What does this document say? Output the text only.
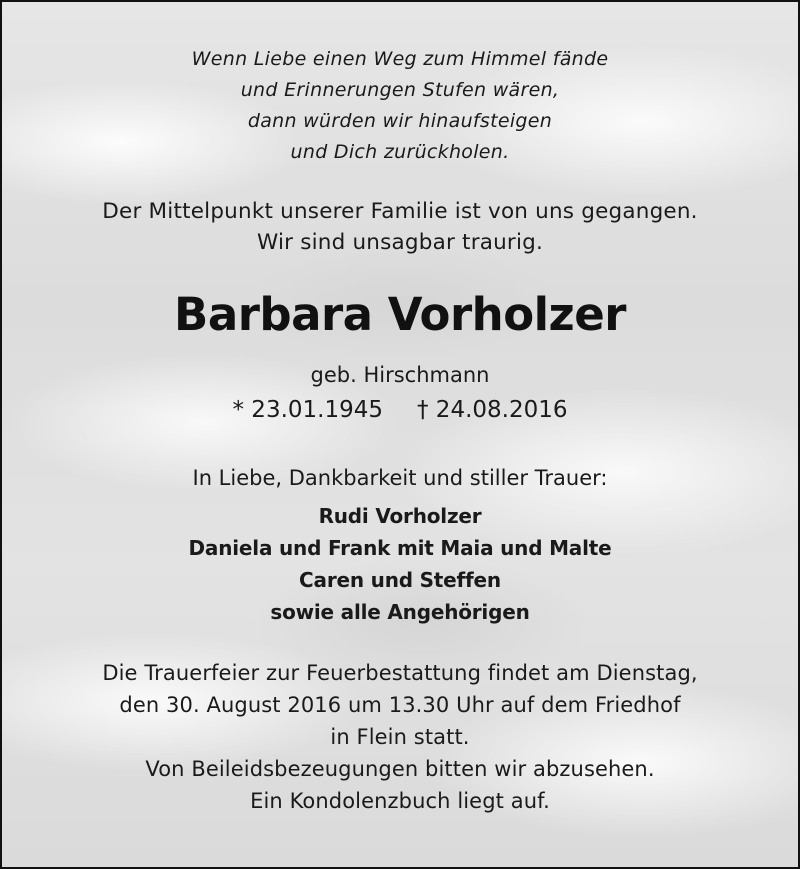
Wenn Liebe einen Weg zum Himmel fände
und Erinnerungen Stufen wären,
dann würden wir hinaufsteigen
und Dich zurückholen.
Der Mittelpunkt unserer Familie ist von uns gegangen.
Wir sind unsagbar traurig.
Barbara Vorholzer
geb. Hirschmann
* 23.01.1945 † 24.08.2016
In Liebe, Dankbarkeit und stiller Trauer:
Rudi Vorholzer
Daniela und Frank mit Maia und Malte
Caren und Steffen
sowie alle Angehörigen
Die Trauerfeier zur Feuerbestattung findet am Dienstag,
den 30. August 2016 um 13.30 Uhr auf dem Friedhof
in Flein statt.
Von Beileidsbezeugungen bitten wir abzusehen.
Ein Kondolenzbuch liegt auf.
